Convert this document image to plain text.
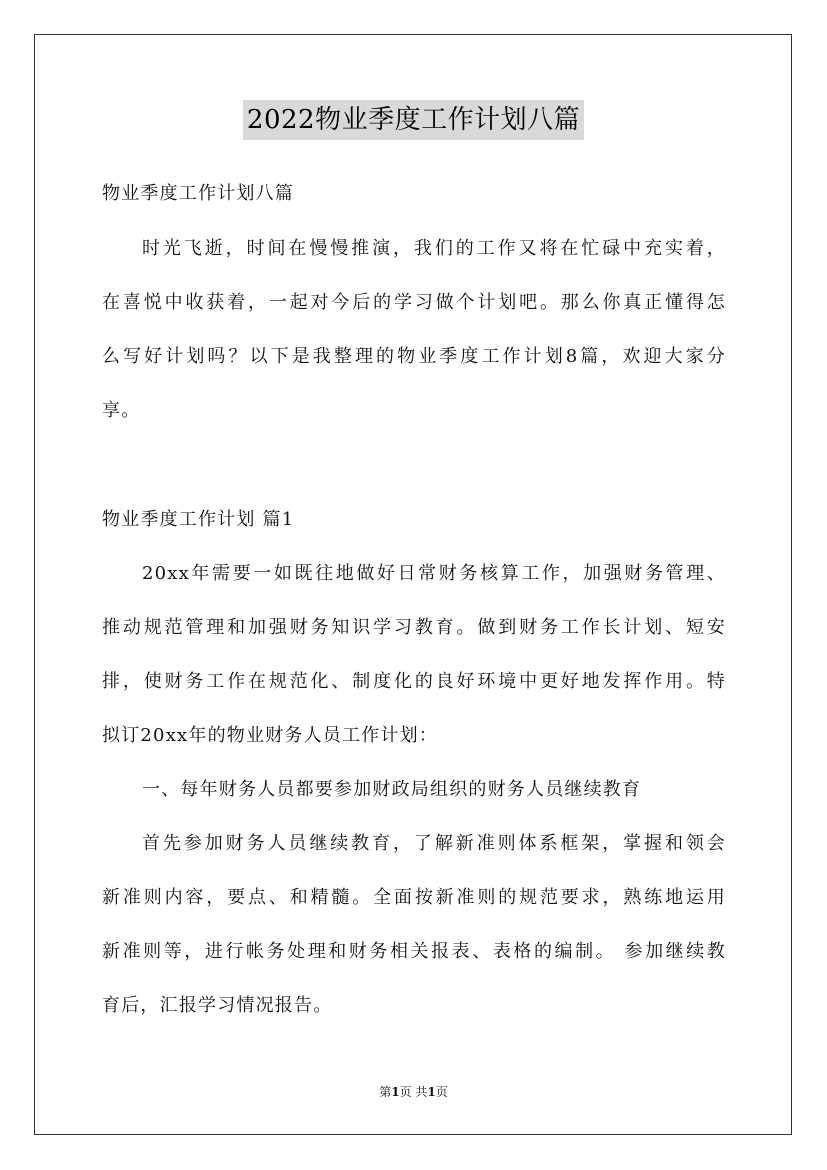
2022物业季度工作计划八篇
物业季度工作计划八篇
时光飞逝，时间在慢慢推演，我们的工作又将在忙碌中充实着，
在喜悦中收获着，一起对今后的学习做个计划吧。那么你真正懂得怎
么写好计划吗？以下是我整理的物业季度工作计划8篇，欢迎大家分
享。
物业季度工作计划 篇1
20xx年需要一如既往地做好日常财务核算工作，加强财务管理、
推动规范管理和加强财务知识学习教育。做到财务工作长计划、短安
排，使财务工作在规范化、制度化的良好环境中更好地发挥作用。特
拟订20xx年的物业财务人员工作计划：
一、每年财务人员都要参加财政局组织的财务人员继续教育
首先参加财务人员继续教育，了解新准则体系框架，掌握和领会
新准则内容，要点、和精髓。全面按新准则的规范要求，熟练地运用
新准则等，进行帐务处理和财务相关报表、表格的编制。 参加继续教
育后，汇报学习情况报告。
第1页 共1页
